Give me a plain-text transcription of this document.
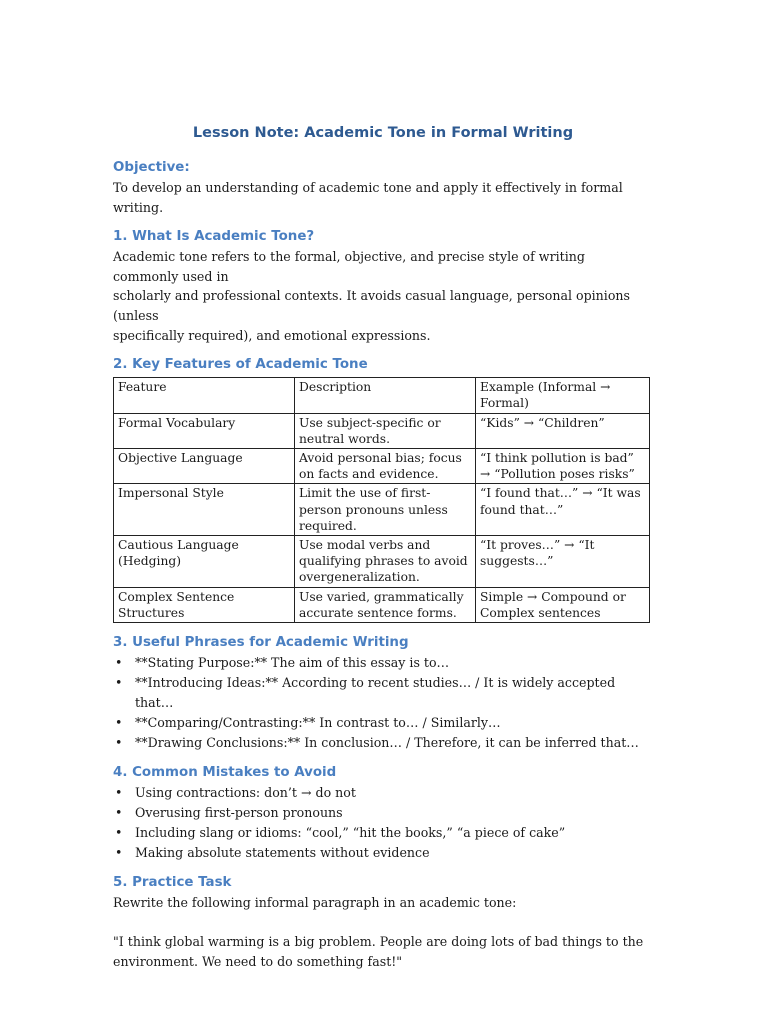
Lesson Note: Academic Tone in Formal Writing
Objective:

To develop an understanding of academic tone and apply it effectively in formal writing.

1. What Is Academic Tone?

Academic tone refers to the formal, objective, and precise style of writing commonly used in

scholarly and professional contexts. It avoids casual language, personal opinions (unless

specifically required), and emotional expressions.

2. Key Features of Academic Tone
Feature	Description	Example (Informal → Formal)
Formal Vocabulary	Use subject-specific or neutral words.	“Kids” → “Children”
Objective Language	Avoid personal bias; focus on facts and evidence.	“I think pollution is bad” → “Pollution poses risks”
Impersonal Style	Limit the use of first-person pronouns unless required.	“I found that…” → “It was found that…”
Cautious Language (Hedging)	Use modal verbs and qualifying phrases to avoid overgeneralization.	“It proves…” → “It suggests…”
Complex Sentence Structures	Use varied, grammatically accurate sentence forms.	Simple → Compound or Complex sentences
3. Useful Phrases for Academic Writing
• **Stating Purpose:** The aim of this essay is to…
• **Introducing Ideas:** According to recent studies… / It is widely accepted that…
• **Comparing/Contrasting:** In contrast to… / Similarly…
• **Drawing Conclusions:** In conclusion… / Therefore, it can be inferred that…
4. Common Mistakes to Avoid
• Using contractions: don’t → do not
• Overusing first-person pronouns
• Including slang or idioms: “cool,” “hit the books,” “a piece of cake”
• Making absolute statements without evidence
5. Practice Task

Rewrite the following informal paragraph in an academic tone:

"I think global warming is a big problem. People are doing lots of bad things to the

environment. We need to do something fast!"
